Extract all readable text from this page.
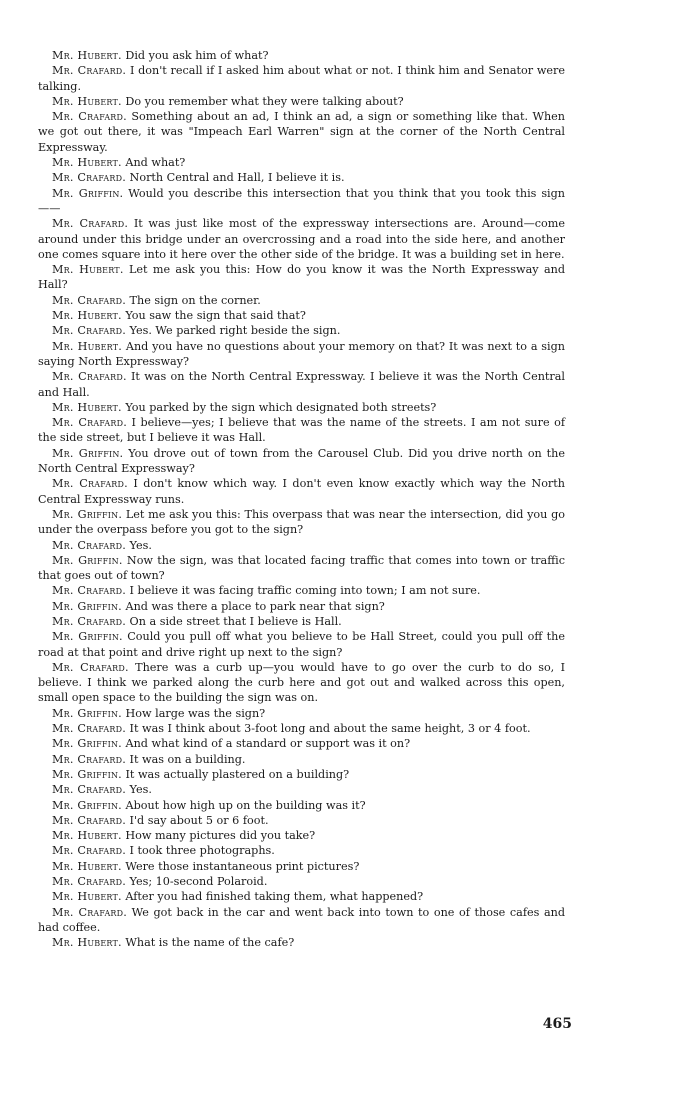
Mr. Hubert. Did you ask him of what?

Mr. Crafard. I don't recall if I asked him about what or not. I think him and Senator were talking.

Mr. Hubert. Do you remember what they were talking about?

Mr. Crafard. Something about an ad, I think an ad, a sign or something like that. When we got out there, it was "Impeach Earl Warren" sign at the corner of the North Central Expressway.

Mr. Hubert. And what?

Mr. Crafard. North Central and Hall, I believe it is.

Mr. Griffin. Would you describe this intersection that you think that you took this sign——

Mr. Crafard. It was just like most of the expressway intersections are. Around—come around under this bridge under an overcrossing and a road into the side here, and another one comes square into it here over the other side of the bridge. It was a building set in here.

Mr. Hubert. Let me ask you this: How do you know it was the North Expressway and Hall?

Mr. Crafard. The sign on the corner.

Mr. Hubert. You saw the sign that said that?

Mr. Crafard. Yes. We parked right beside the sign.

Mr. Hubert. And you have no questions about your memory on that? It was next to a sign saying North Expressway?

Mr. Crafard. It was on the North Central Expressway. I believe it was the North Central and Hall.

Mr. Hubert. You parked by the sign which designated both streets?

Mr. Crafard. I believe—yes; I believe that was the name of the streets. I am not sure of the side street, but I believe it was Hall.

Mr. Griffin. You drove out of town from the Carousel Club. Did you drive north on the North Central Expressway?

Mr. Crafard. I don't know which way. I don't even know exactly which way the North Central Expressway runs.

Mr. Griffin. Let me ask you this: This overpass that was near the intersection, did you go under the overpass before you got to the sign?

Mr. Crafard. Yes.

Mr. Griffin. Now the sign, was that located facing traffic that comes into town or traffic that goes out of town?

Mr. Crafard. I believe it was facing traffic coming into town; I am not sure.

Mr. Griffin. And was there a place to park near that sign?

Mr. Crafard. On a side street that I believe is Hall.

Mr. Griffin. Could you pull off what you believe to be Hall Street, could you pull off the road at that point and drive right up next to the sign?

Mr. Crafard. There was a curb up—you would have to go over the curb to do so, I believe. I think we parked along the curb here and got out and walked across this open, small open space to the building the sign was on.

Mr. Griffin. How large was the sign?

Mr. Crafard. It was I think about 3-foot long and about the same height, 3 or 4 foot.

Mr. Griffin. And what kind of a standard or support was it on?

Mr. Crafard. It was on a building.

Mr. Griffin. It was actually plastered on a building?

Mr. Crafard. Yes.

Mr. Griffin. About how high up on the building was it?

Mr. Crafard. I'd say about 5 or 6 foot.

Mr. Hubert. How many pictures did you take?

Mr. Crafard. I took three photographs.

Mr. Hubert. Were those instantaneous print pictures?

Mr. Crafard. Yes; 10-second Polaroid.

Mr. Hubert. After you had finished taking them, what happened?

Mr. Crafard. We got back in the car and went back into town to one of those cafes and had coffee.

Mr. Hubert. What is the name of the cafe?

465
